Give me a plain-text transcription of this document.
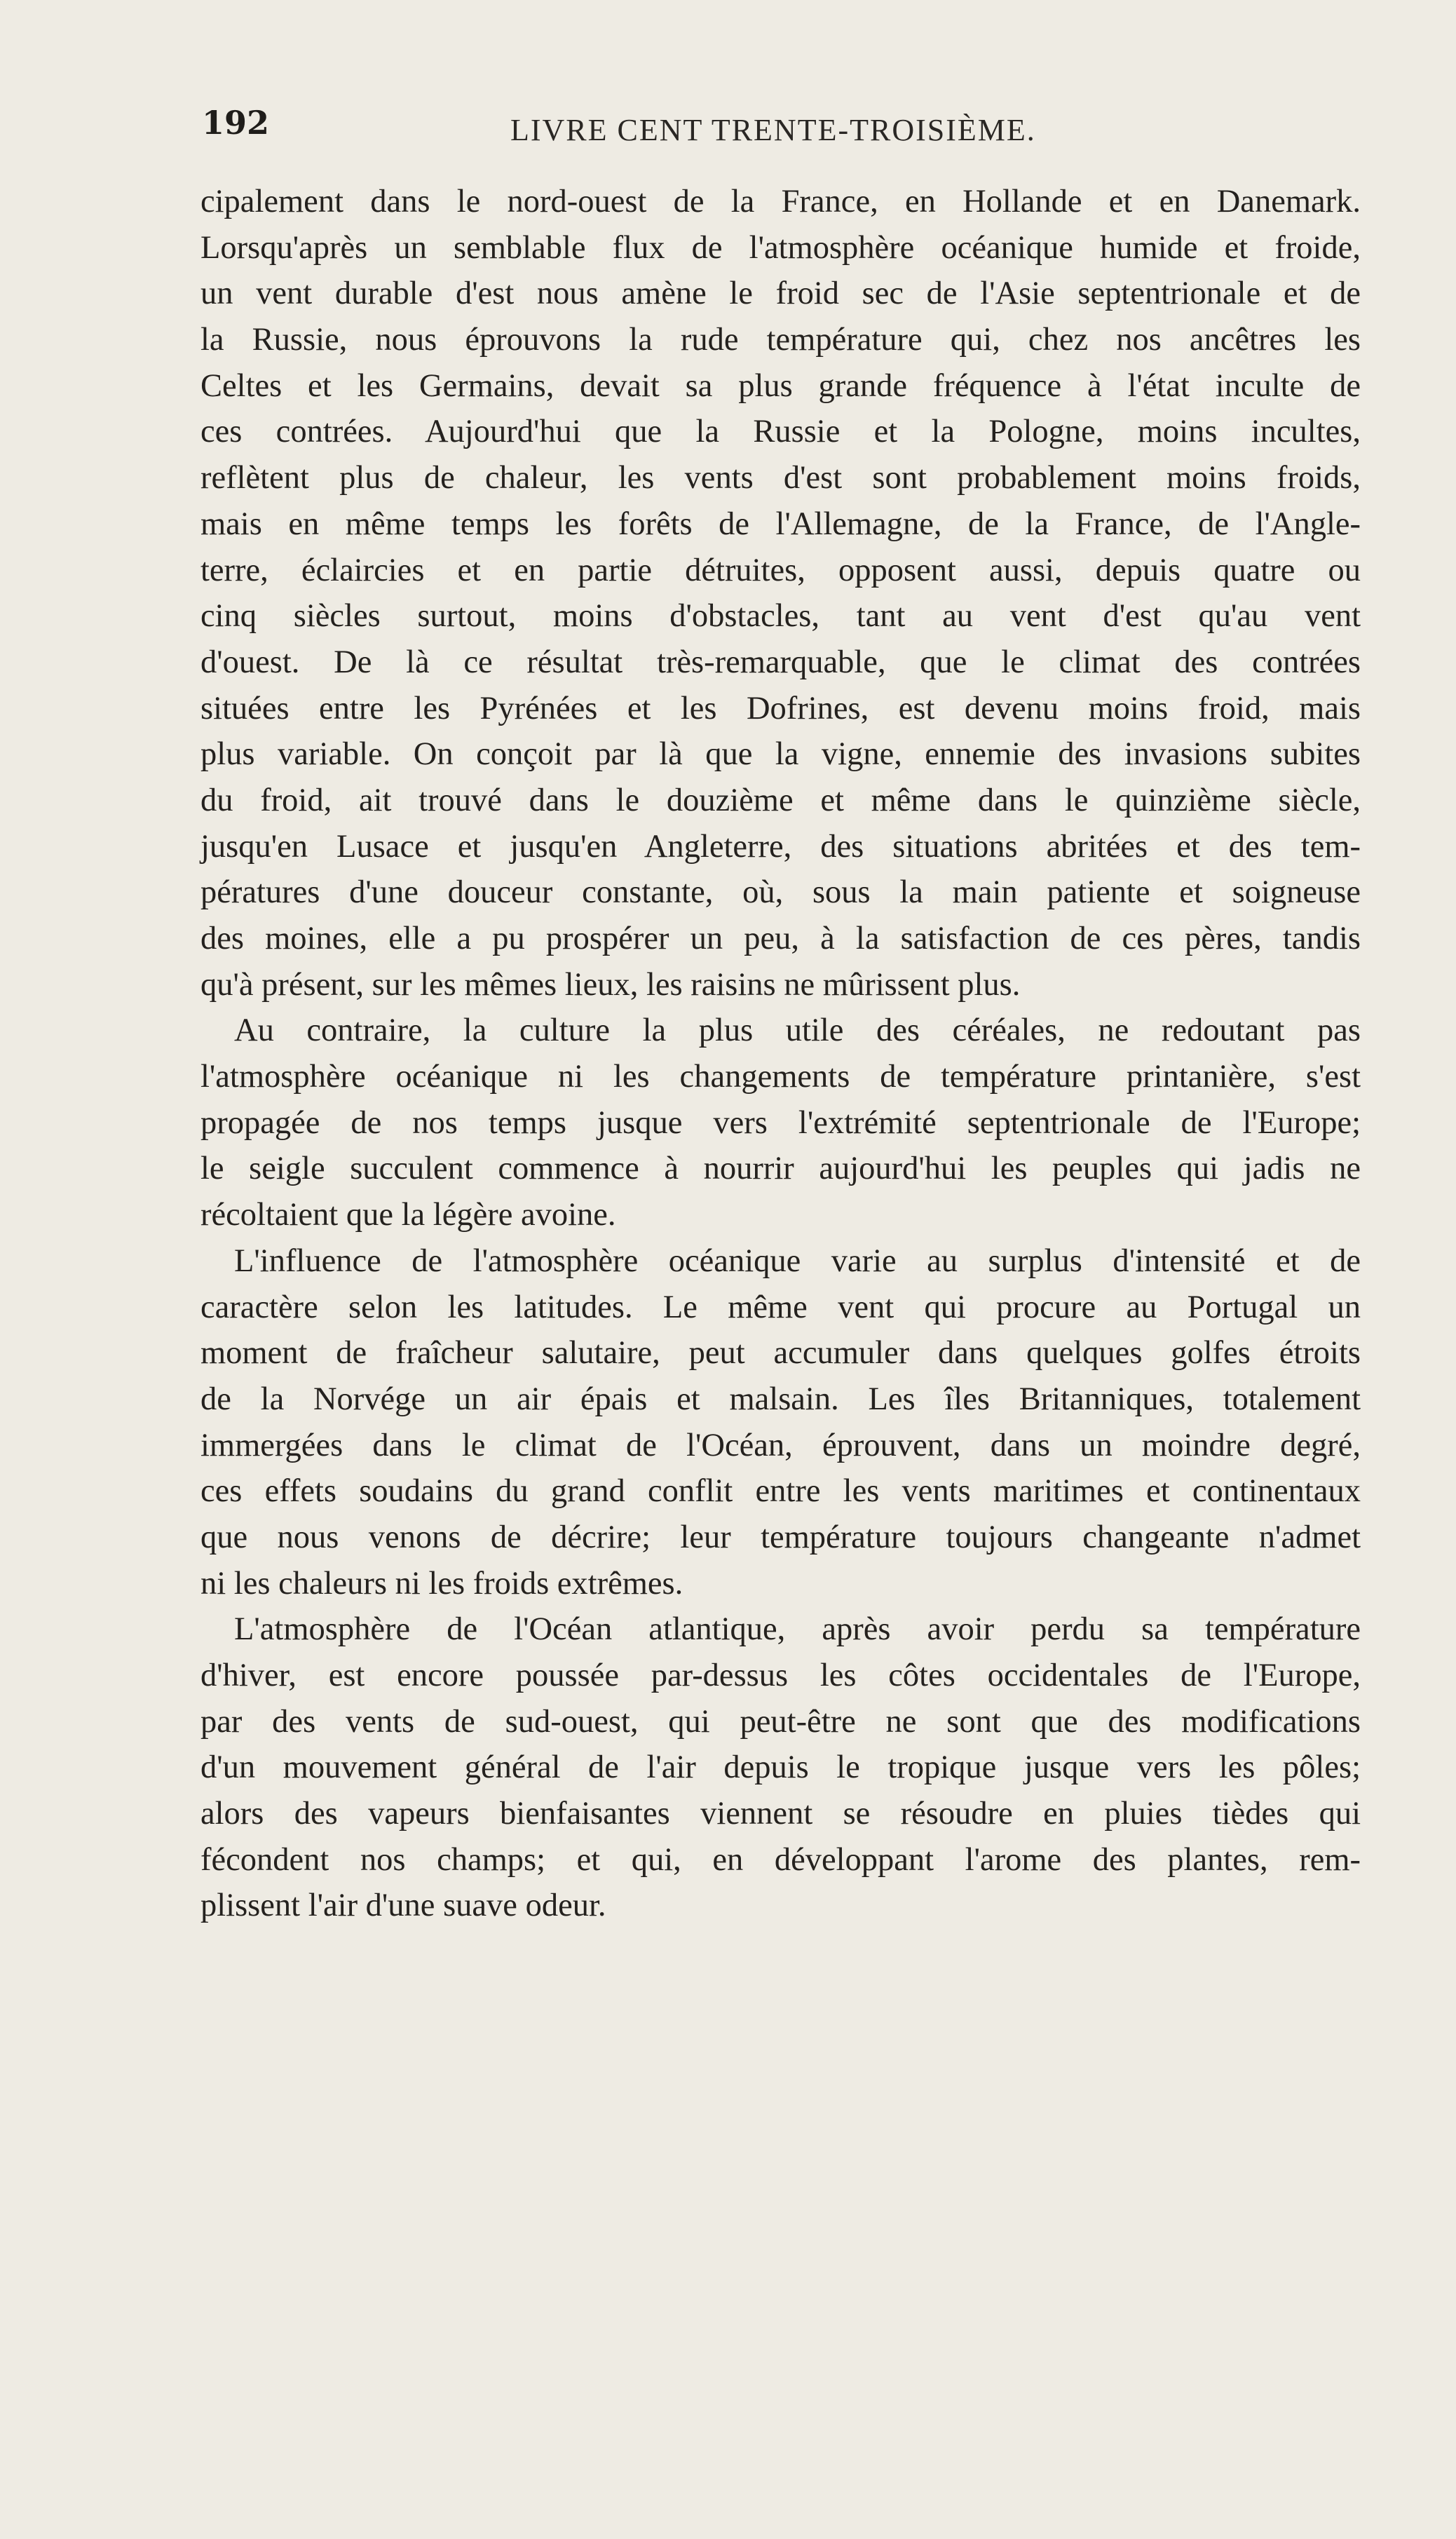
192	LIVRE CENT TRENTE-TROISIÈME.
cipalement dans le nord-ouest de la France, en Hollande et en Danemark.
Lorsqu'après un semblable flux de l'atmosphère océanique humide et froide,
un vent durable d'est nous amène le froid sec de l'Asie septentrionale et de
la Russie, nous éprouvons la rude température qui, chez nos ancêtres les
Celtes et les Germains, devait sa plus grande fréquence à l'état inculte de
ces contrées. Aujourd'hui que la Russie et la Pologne, moins incultes,
reflètent plus de chaleur, les vents d'est sont probablement moins froids,
mais en même temps les forêts de l'Allemagne, de la France, de l'Angle-
terre, éclaircies et en partie détruites, opposent aussi, depuis quatre ou
cinq siècles surtout, moins d'obstacles, tant au vent d'est qu'au vent
d'ouest. De là ce résultat très-remarquable, que le climat des contrées
situées entre les Pyrénées et les Dofrines, est devenu moins froid, mais
plus variable. On conçoit par là que la vigne, ennemie des invasions subites
du froid, ait trouvé dans le douzième et même dans le quinzième siècle,
jusqu'en Lusace et jusqu'en Angleterre, des situations abritées et des tem-
pératures d'une douceur constante, où, sous la main patiente et soigneuse
des moines, elle a pu prospérer un peu, à la satisfaction de ces pères, tandis
qu'à présent, sur les mêmes lieux, les raisins ne mûrissent plus.
Au contraire, la culture la plus utile des céréales, ne redoutant pas
l'atmosphère océanique ni les changements de température printanière, s'est
propagée de nos temps jusque vers l'extrémité septentrionale de l'Europe;
le seigle succulent commence à nourrir aujourd'hui les peuples qui jadis ne
récoltaient que la légère avoine.
L'influence de l'atmosphère océanique varie au surplus d'intensité et de
caractère selon les latitudes. Le même vent qui procure au Portugal un
moment de fraîcheur salutaire, peut accumuler dans quelques golfes étroits
de la Norvége un air épais et malsain. Les îles Britanniques, totalement
immergées dans le climat de l'Océan, éprouvent, dans un moindre degré,
ces effets soudains du grand conflit entre les vents maritimes et continentaux
que nous venons de décrire; leur température toujours changeante n'admet
ni les chaleurs ni les froids extrêmes.
L'atmosphère de l'Océan atlantique, après avoir perdu sa température
d'hiver, est encore poussée par-dessus les côtes occidentales de l'Europe,
par des vents de sud-ouest, qui peut-être ne sont que des modifications
d'un mouvement général de l'air depuis le tropique jusque vers les pôles;
alors des vapeurs bienfaisantes viennent se résoudre en pluies tièdes qui
fécondent nos champs; et qui, en développant l'arome des plantes, rem-
plissent l'air d'une suave odeur.
